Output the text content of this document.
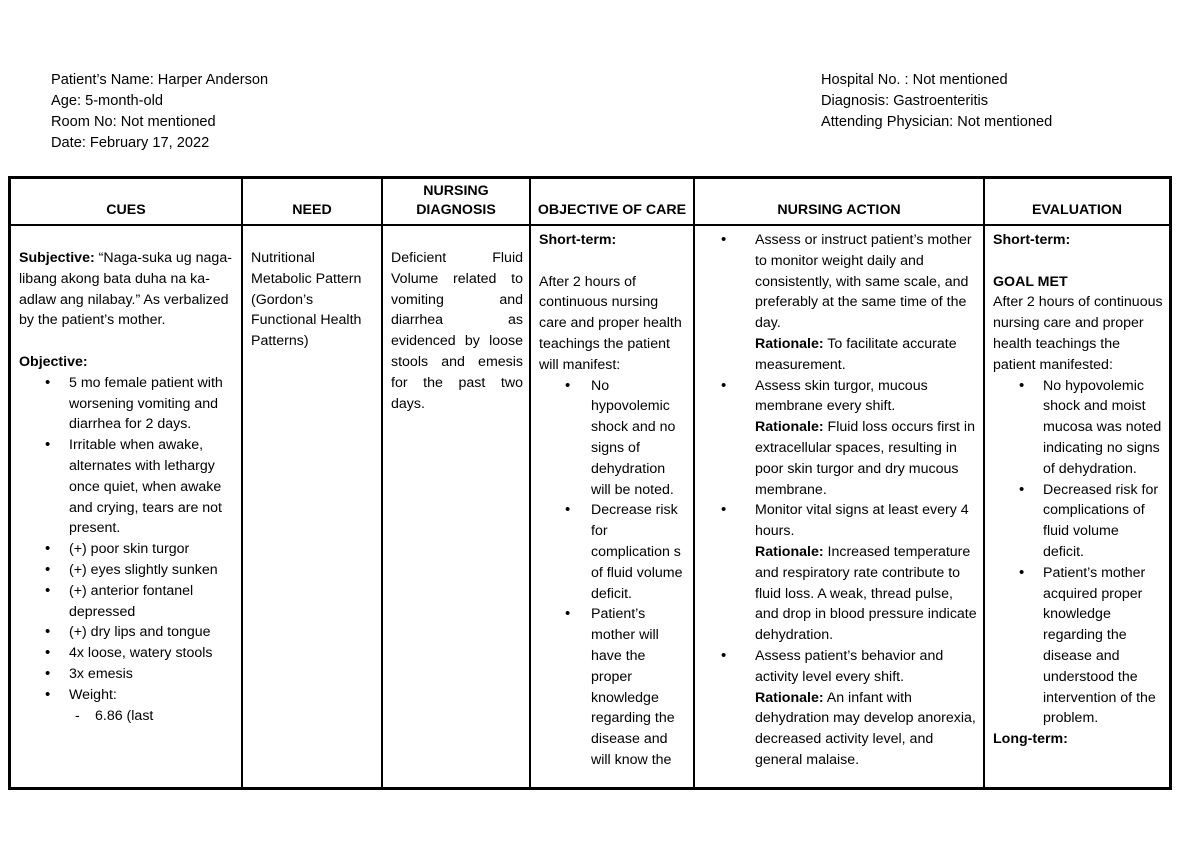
Patient’s Name: Harper Anderson
Age: 5-month-old
Room No: Not mentioned
Date: February 17, 2022
Hospital No. : Not mentioned
Diagnosis: Gastroenteritis
Attending Physician: Not mentioned
CUES
Subjective: “Naga-suka ug naga-libang akong bata duha na ka-adlaw ang nilabay.” As verbalized by the patient’s mother.
Objective:
• 5 mo female patient with worsening vomiting and diarrhea for 2 days.
• Irritable when awake, alternates with lethargy once quiet, when awake and crying, tears are not present.
• (+) poor skin turgor
• (+) eyes slightly sunken
• (+) anterior fontanel depressed
• (+) dry lips and tongue
• 4x loose, watery stools
• 3x emesis
• Weight:
- 6.86 (last
NEED
Nutritional Metabolic Pattern (Gordon’s Functional Health Patterns)
NURSING
DIAGNOSIS
Deficient Fluid Volume related to vomiting and diarrhea as evidenced by loose stools and emesis for the past two days.
OBJECTIVE OF CARE
Short-term:
After 2 hours of continuous nursing care and proper health teachings the patient will manifest:
• No hypovolemic shock and no signs of dehydration will be noted.
• Decrease risk for complication s of fluid volume deficit.
• Patient’s mother will have the proper knowledge regarding the disease and will know the
NURSING ACTION
• Assess or instruct patient’s mother to monitor weight daily and consistently, with same scale, and preferably at the same time of the day.
Rationale: To facilitate accurate measurement.
• Assess skin turgor, mucous membrane every shift.
Rationale: Fluid loss occurs first in extracellular spaces, resulting in poor skin turgor and dry mucous membrane.
• Monitor vital signs at least every 4 hours.
Rationale: Increased temperature and respiratory rate contribute to fluid loss. A weak, thread pulse, and drop in blood pressure indicate dehydration.
• Assess patient’s behavior and activity level every shift.
Rationale: An infant with dehydration may develop anorexia, decreased activity level, and general malaise.
EVALUATION
Short-term:
GOAL MET
After 2 hours of continuous nursing care and proper health teachings the patient manifested:
• No hypovolemic shock and moist mucosa was noted indicating no signs of dehydration.
• Decreased risk for complications of fluid volume deficit.
• Patient’s mother acquired proper knowledge regarding the disease and understood the intervention of the problem.
Long-term:
